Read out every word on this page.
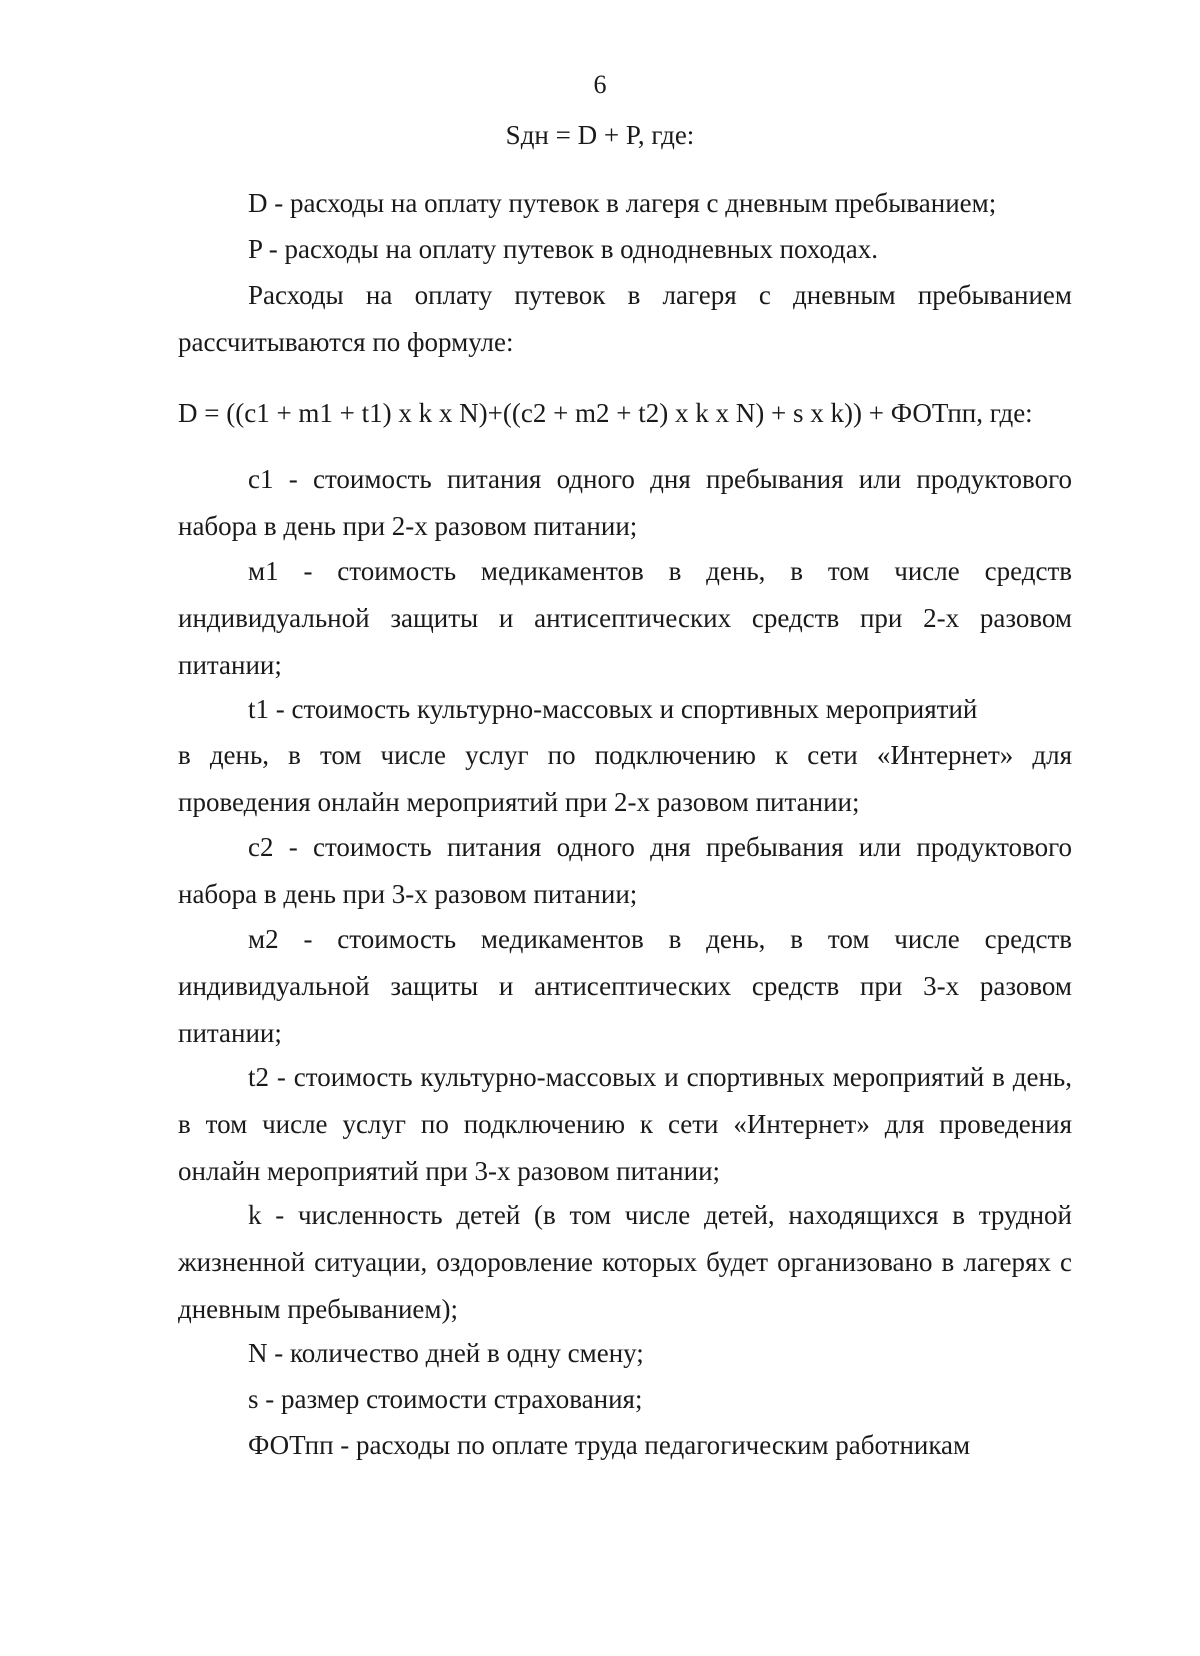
6
Sдн = D + P, где:

D - расходы на оплату путевок в лагеря с дневным пребыванием;

P - расходы на оплату путевок в однодневных походах.

Расходы на оплату путевок в лагеря с дневным пребыванием рассчитываются по формуле:

D = ((c1 + m1 + t1) x k x N)+((c2 + m2 + t2) x k x N) + s x k)) + ФОТпп, где:

c1 - стоимость питания одного дня пребывания или продуктового набора в день при 2-х разовом питании;

м1 - стоимость медикаментов в день, в том числе средств индивидуальной защиты и антисептических средств при 2-х разовом питании;

t1 - стоимость культурно-массовых и спортивных мероприятий

в день, в том числе услуг по подключению к сети «Интернет» для проведения онлайн мероприятий при 2-х разовом питании;

c2 - стоимость питания одного дня пребывания или продуктового набора в день при 3-х разовом питании;

м2 - стоимость медикаментов в день, в том числе средств индивидуальной защиты и антисептических средств при 3-х разовом питании;

t2 - стоимость культурно-массовых и спортивных мероприятий в день, в том числе услуг по подключению к сети «Интернет» для проведения онлайн мероприятий при 3-х разовом питании;

k - численность детей (в том числе детей, находящихся в трудной жизненной ситуации, оздоровление которых будет организовано в лагерях с дневным пребыванием);

N - количество дней в одну смену;

s - размер стоимости страхования;

ФОТпп - расходы по оплате труда педагогическим работникам
